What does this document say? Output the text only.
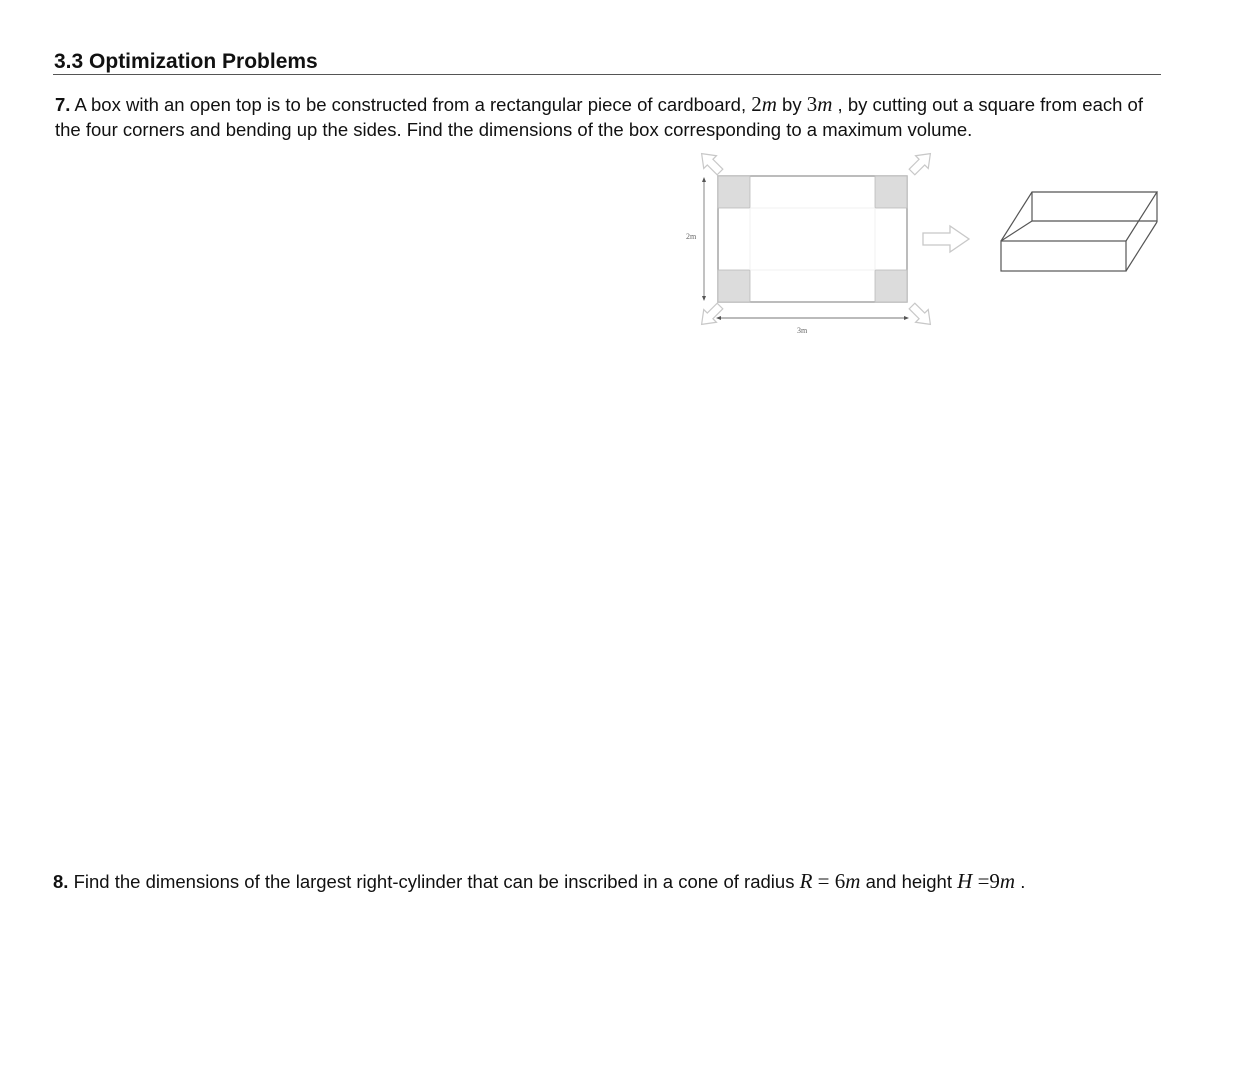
3.3 Optimization Problems

7. A box with an open top is to be constructed from a rectangular piece of cardboard, 2m by 3m , by cutting out a square from each of the four corners and bending up the sides. Find the dimensions of the box corresponding to a maximum volume.

2m
3m

8. Find the dimensions of the largest right-cylinder that can be inscribed in a cone of radius R = 6m and height H =9m .
